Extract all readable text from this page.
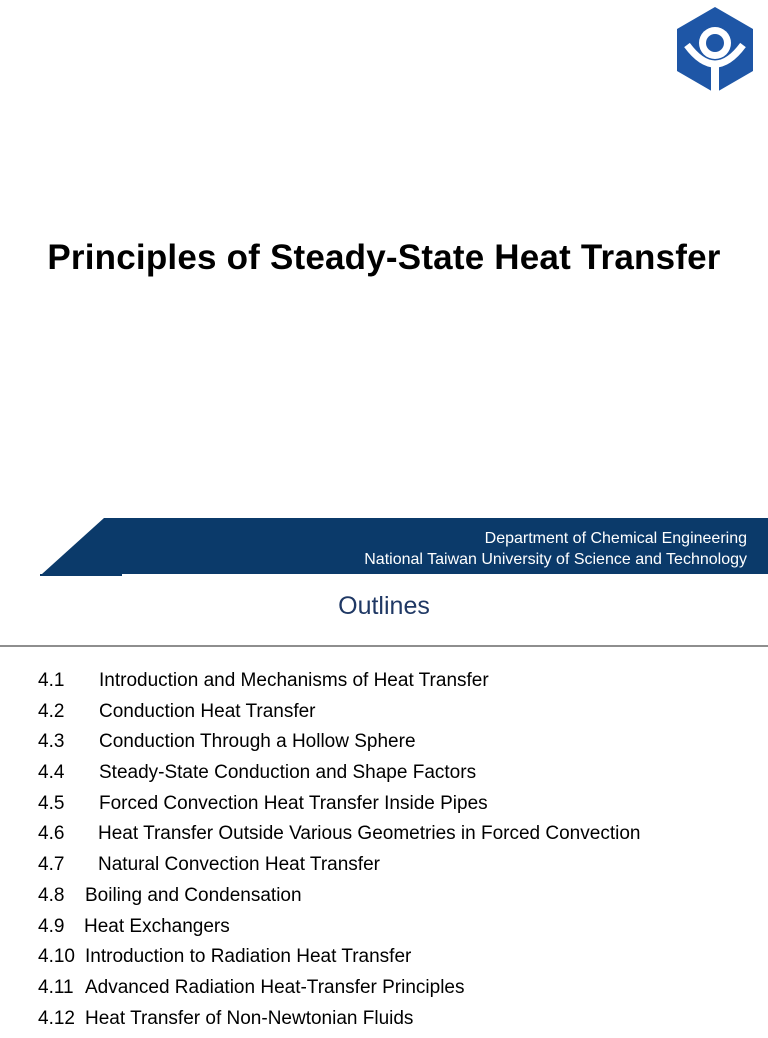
Principles of Steady-State Heat Transfer
Department of Chemical Engineering
National Taiwan University of Science and Technology
Outlines
4.1 Introduction and Mechanisms of Heat Transfer
4.2 Conduction Heat Transfer
4.3 Conduction Through a Hollow Sphere
4.4 Steady-State Conduction and Shape Factors
4.5 Forced Convection Heat Transfer Inside Pipes
4.6 Heat Transfer Outside Various Geometries in Forced Convection
4.7 Natural Convection Heat Transfer
4.8 Boiling and Condensation
4.9 Heat Exchangers
4.10 Introduction to Radiation Heat Transfer
4.11 Advanced Radiation Heat-Transfer Principles
4.12 Heat Transfer of Non-Newtonian Fluids
